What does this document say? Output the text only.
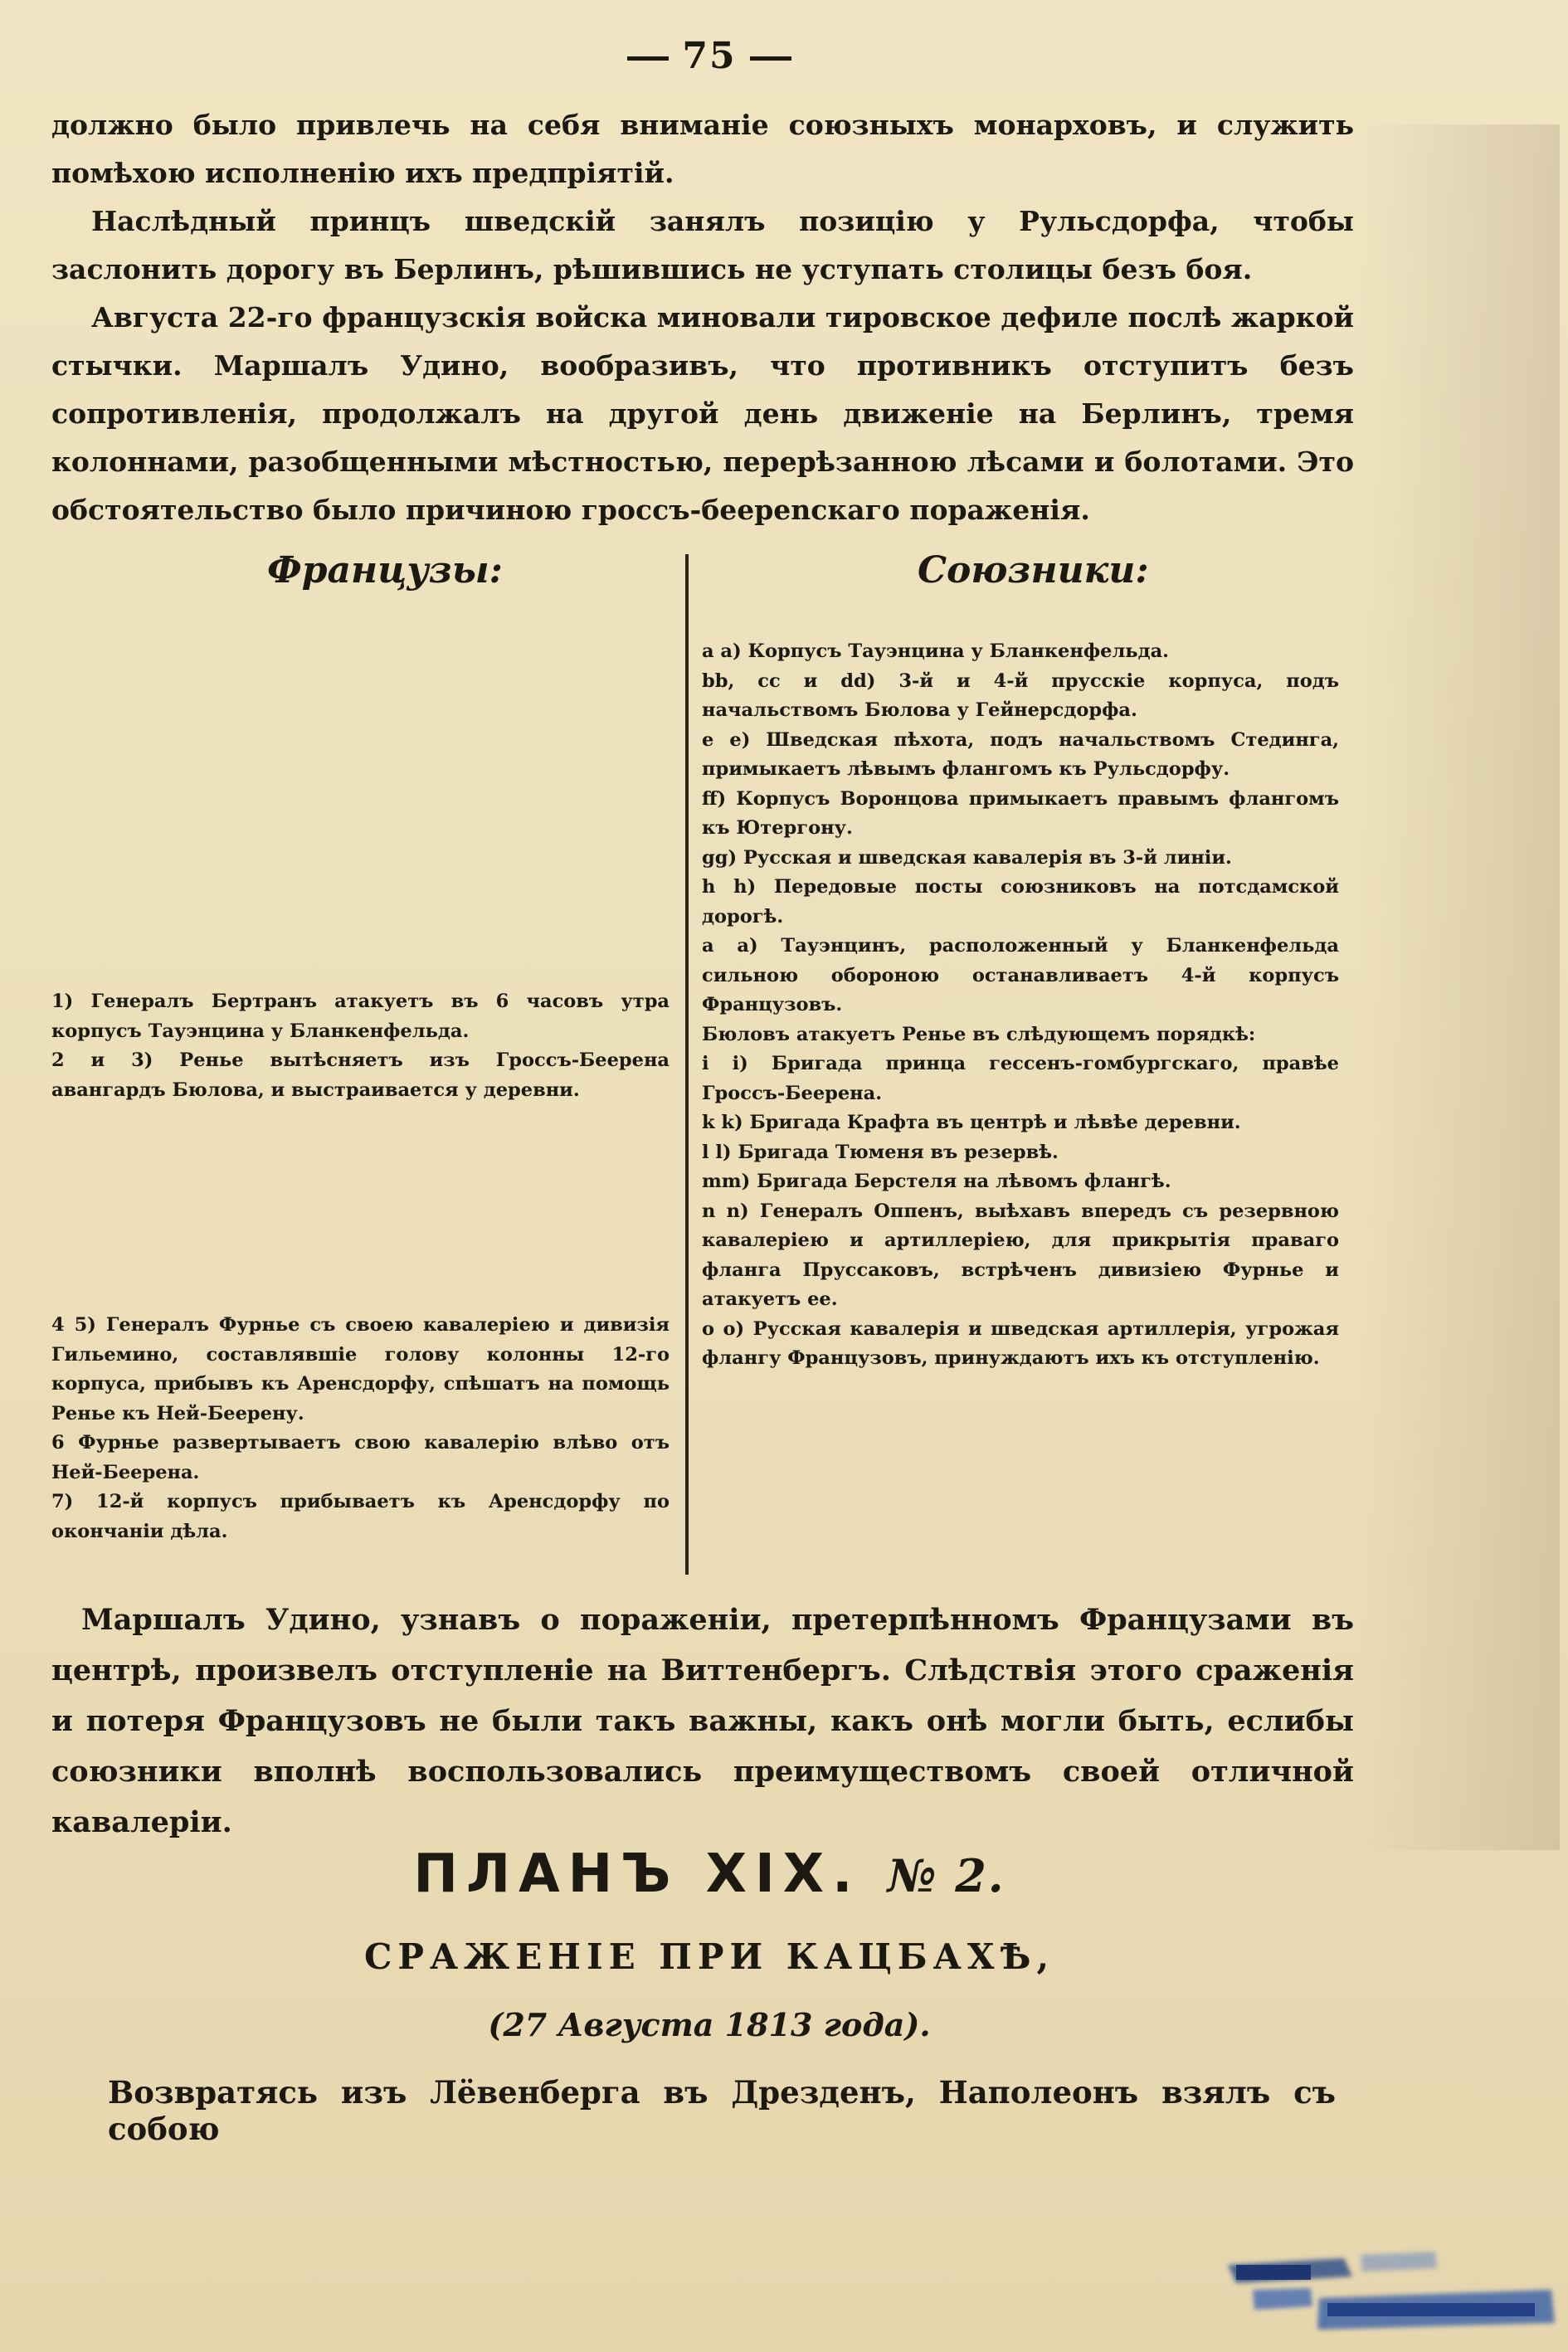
75

должно было привлечь на себя вниманіе союзныхъ монарховъ, и служить

помѣхою исполненію ихъ предпріятій.

Наслѣдный принцъ шведскій занялъ позицію у Рульсдорфа, чтобы заслонить дорогу въ Берлинъ, рѣшившись не уступать столицы безъ боя.

Августа 22-го французскія войска миновали тировское дефиле послѣ жаркой стычки. Маршалъ Удино, вообразивъ, что противникъ отступитъ безъ сопротивленія, продолжалъ на другой день движеніе на Берлинъ, тремя колоннами, разобщенными мѣстностью, перерѣзанною лѣсами и болотами. Это обстоятельство было причиною гроссъ-беереnскаго пораженія.

Французы:	Союзники:

1) Генералъ Бертранъ атакуетъ въ 6 часовъ утра корпусъ Тауэнцина у Бланкенфельда.

2 и 3) Ренье вытѣсняетъ изъ Гроссъ-Беерена авангардъ Бюлова, и выстраивается у деревни.

4 5) Генералъ Фурнье съ своею кавалеріею и дивизія Гильемино, составлявшіе голову колонны 12-го корпуса, прибывъ къ Аренсдорфу, спѣшатъ на помощь Ренье къ Ней-Беерену.

6 Фурнье развертываетъ свою кавалерію влѣво отъ Ней-Беерена.

7) 12-й корпусъ прибываетъ къ Аренсдорфу по окончаніи дѣла.

а а) Корпусъ Тауэнцина у Бланкенфельда.

bb, cc и dd) 3-й и 4-й прусскіе корпуса, подъ начальствомъ Бюлова у Гейнерсдорфа.

е е) Шведская пѣхота, подъ начальствомъ Стединга, примыкаетъ лѣвымъ флангомъ къ Рульсдорфу.

ff) Корпусъ Воронцова примыкаетъ правымъ флангомъ къ Ютергону.

gg) Русская и шведская кавалерія въ 3-й линіи.

h h) Передовые посты союзниковъ на потсдамской дорогѣ.

а а) Тауэнцинъ, расположенный у Бланкенфельда сильною обороною останавливаетъ 4-й корпусъ Французовъ.

Бюловъ атакуетъ Ренье въ слѣдующемъ порядкѣ:

i i) Бригада принца гессенъ-гомбургскаго, правѣе Гроссъ-Беерена.

k k) Бригада Крафта въ центрѣ и лѣвѣе деревни.

l l) Бригада Тюменя въ резервѣ.

mm) Бригада Берстеля на лѣвомъ флангѣ.

n n) Генералъ Оппенъ, выѣхавъ впередъ съ резервною кавалеріею и артиллеріею, для прикрытія праваго фланга Пруссаковъ, встрѣченъ дивизіею Фурнье и атакуетъ ее.

о о) Русская кавалерія и шведская артиллерія, угрожая флангу Французовъ, принуждаютъ ихъ къ отступленію.

Маршалъ Удино, узнавъ о пораженіи, претерпѣнномъ Французами въ центрѣ, произвелъ отступленіе на Виттенбергъ. Слѣдствія этого сраженія и потеря Французовъ не были такъ важны, какъ онѣ могли быть, еслибы союзники вполнѣ воспользовались преимуществомъ своей отличной кавалеріи.

ПЛАНЪ XIX. № 2.
СРАЖЕНІЕ ПРИ КАЦБАХѢ,
(27 Августа 1813 года).
Возвратясь изъ Лёвенберга въ Дрезденъ, Наполеонъ взялъ съ собою
